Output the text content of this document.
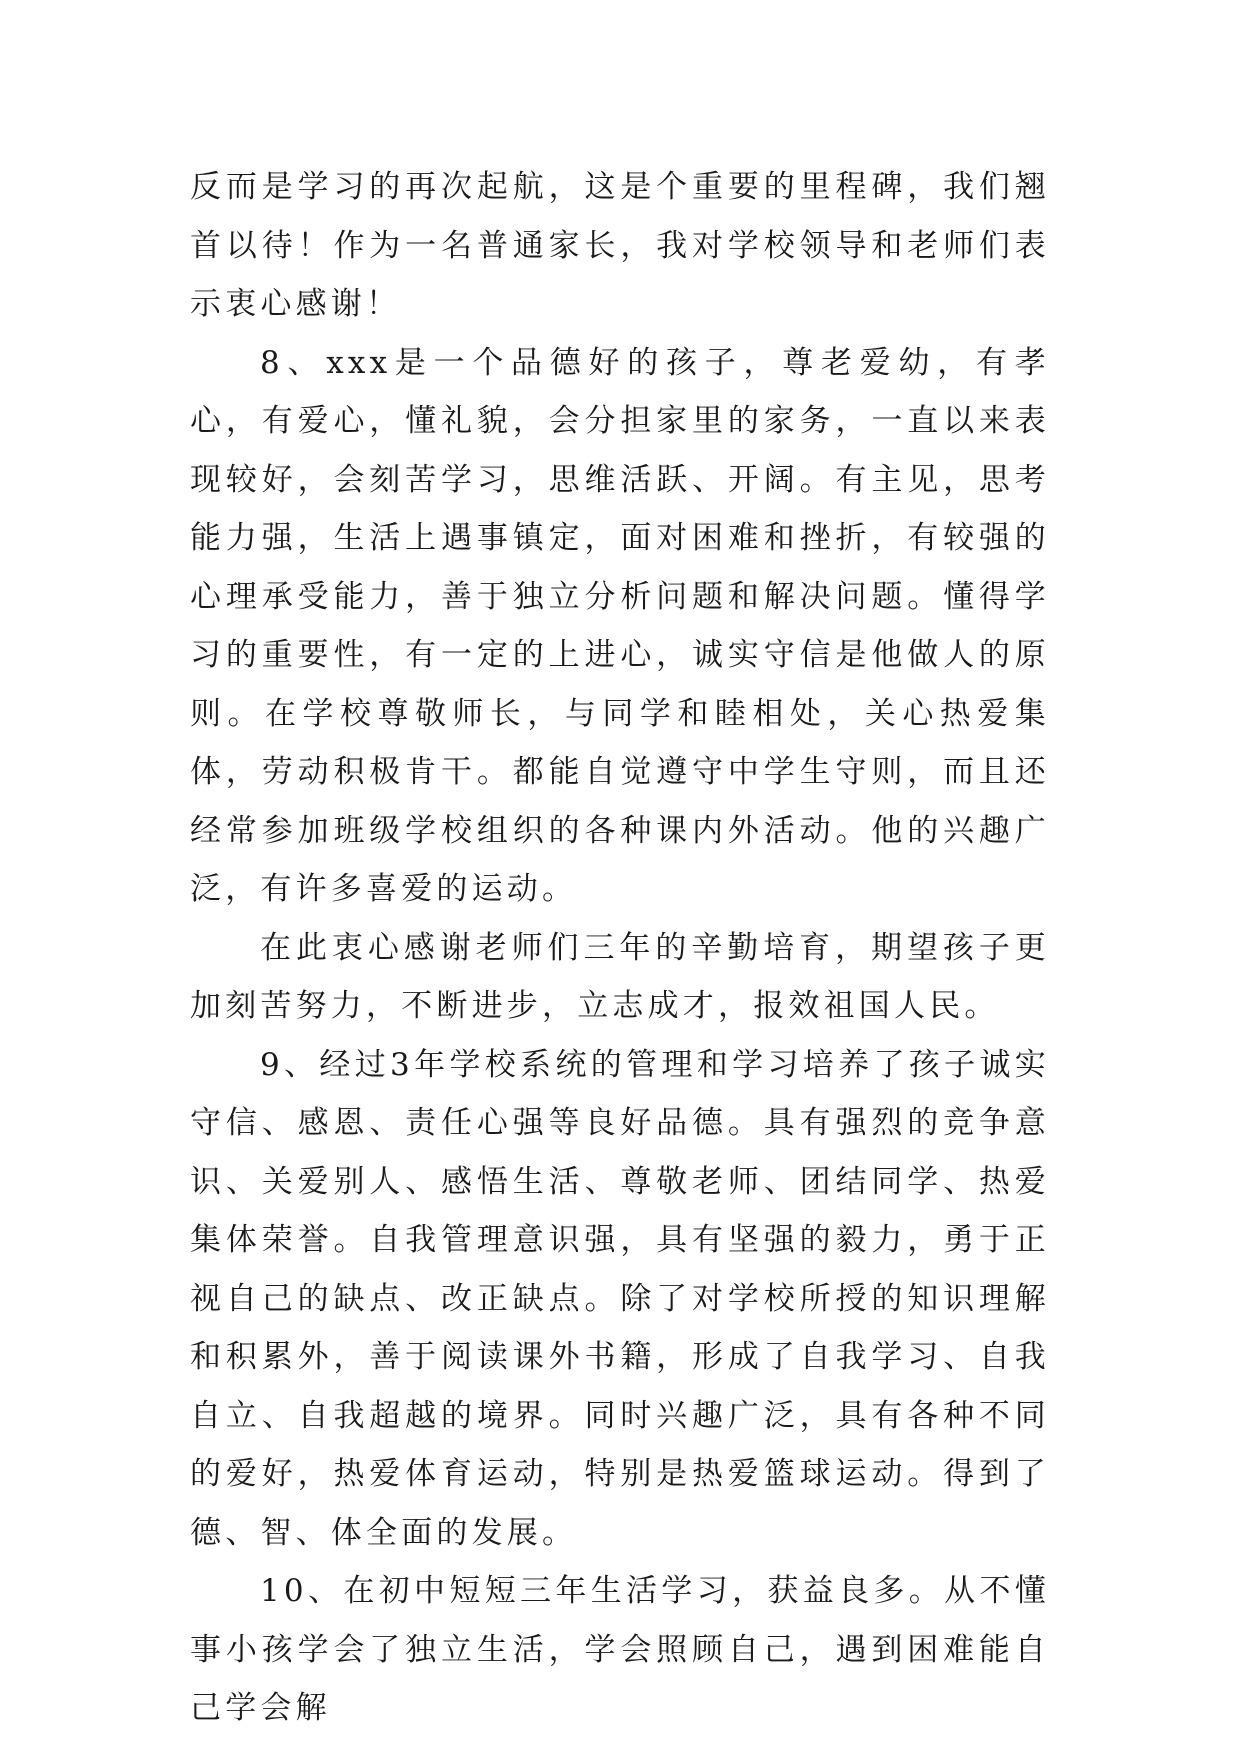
反而是学习的再次起航，这是个重要的里程碑，我们翘首以待！作为一名普通家长，我对学校领导和老师们表示衷心感谢！

8、xxx是一个品德好的孩子，尊老爱幼，有孝心，有爱心，懂礼貌，会分担家里的家务，一直以来表现较好，会刻苦学习，思维活跃、开阔。有主见，思考能力强，生活上遇事镇定，面对困难和挫折，有较强的心理承受能力，善于独立分析问题和解决问题。懂得学习的重要性，有一定的上进心，诚实守信是他做人的原则。在学校尊敬师长，与同学和睦相处，关心热爱集体，劳动积极肯干。都能自觉遵守中学生守则，而且还经常参加班级学校组织的各种课内外活动。他的兴趣广泛，有许多喜爱的运动。

在此衷心感谢老师们三年的辛勤培育，期望孩子更加刻苦努力，不断进步，立志成才，报效祖国人民。

9、经过3年学校系统的管理和学习培养了孩子诚实守信、感恩、责任心强等良好品德。具有强烈的竞争意识、关爱别人、感悟生活、尊敬老师、团结同学、热爱集体荣誉。自我管理意识强，具有坚强的毅力，勇于正视自己的缺点、改正缺点。除了对学校所授的知识理解和积累外，善于阅读课外书籍，形成了自我学习、自我自立、自我超越的境界。同时兴趣广泛，具有各种不同的爱好，热爱体育运动，特别是热爱篮球运动。得到了德、智、体全面的发展。

10、在初中短短三年生活学习，获益良多。从不懂事小孩学会了独立生活，学会照顾自己，遇到困难能自己学会解
